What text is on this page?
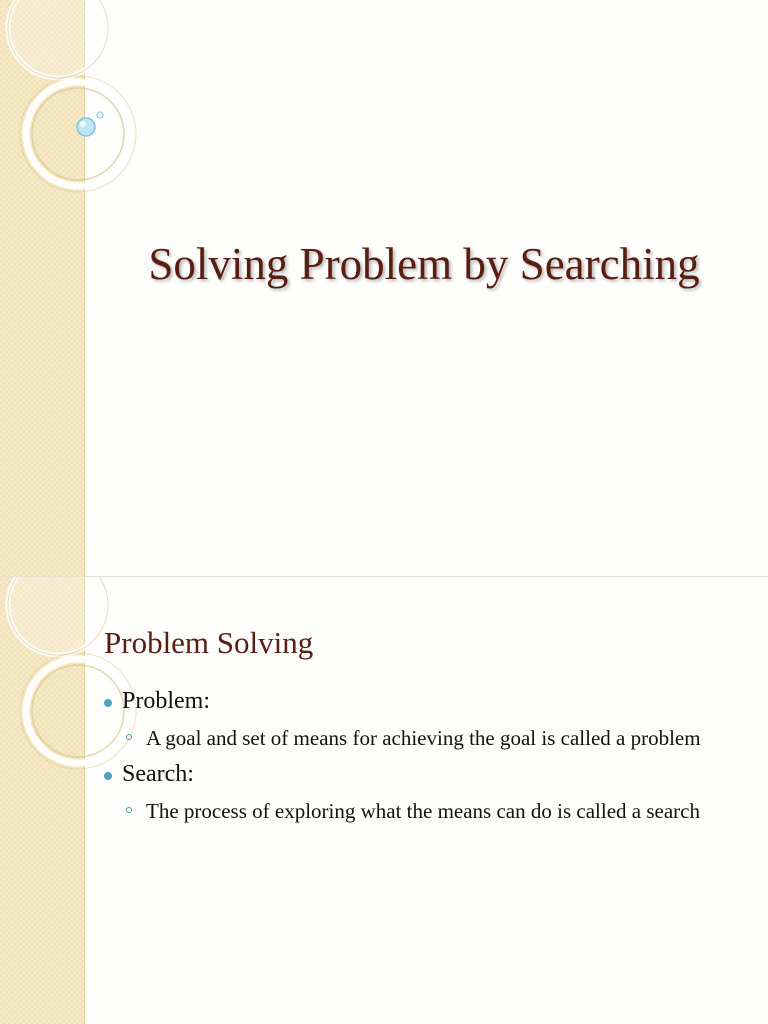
Solving Problem by Searching
Problem Solving
Problem:
A goal and set of means for achieving the goal is called a problem
Search:
The process of exploring what the means can do is called a search
